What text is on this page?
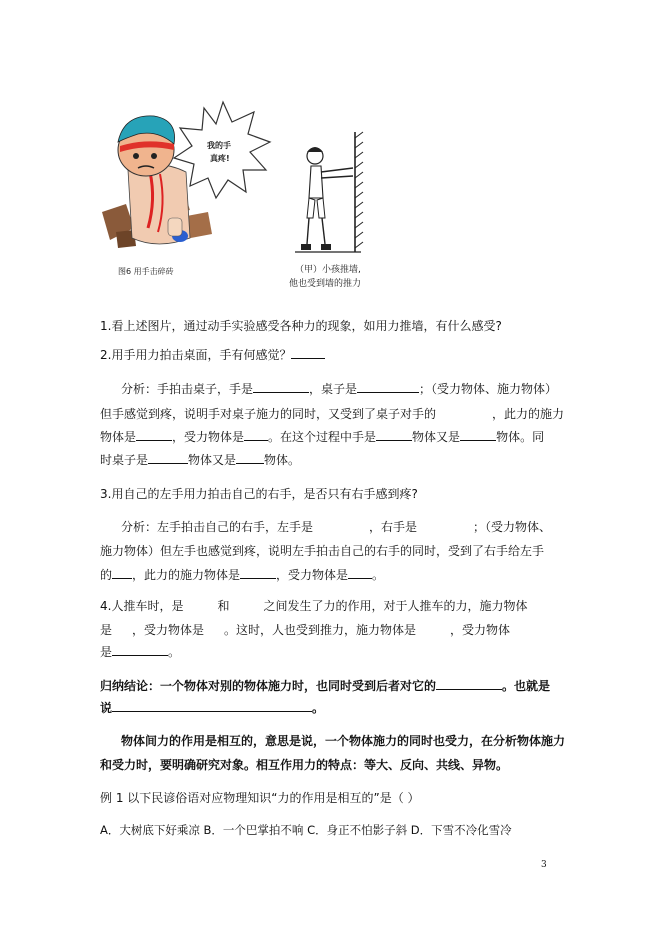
我的手
真疼!
图6 用手击碎砖	（甲）小孩推墙,
他也受到墙的推力
1.看上述图片，通过动手实验感受各种力的现象，如用力推墙，有什么感受?
2.用手用力拍击桌面，手有何感觉？
分析：手拍击桌子，手是	，桌子是	；（受力物体、施力物体）
但手感觉到疼，说明手对桌子施力的同时，又受到了桌子对手的	，此力的施力
物体是	，受力物体是 。在这个过程中手是	物体又是	物体。同
时桌子是	物体又是 物体。
3.用自己的左手用力拍击自己的右手，是否只有右手感到疼?
分析：左手拍击自己的右手，左手是	，右手是	；（受力物体、
施力物体）但左手也感觉到疼，说明左手拍击自己的右手的同时，受到了右手给左手
的 ，此力的施力物体是	，受力物体是 。
4.人推车时，是	和	之间发生了力的作用，对于人推车的力，施力物体
是 ，受力物体是 。这时，人也受到推力，施力物体是	，受力物体
是	。
归纳结论：一个物体对别的物体施力时，也同时受到后者对它的	。也就是
说	。
物体间力的作用是相互的，意思是说，一个物体施力的同时也受力，在分析物体施力
和受力时，要明确研究对象。相互作用力的特点：等大、反向、共线、异物。
例 1 以下民谚俗语对应物理知识“力的作用是相互的”是（ ）
A．大树底下好乘凉 B．一个巴掌拍不响 C．身正不怕影子斜 D．下雪不冷化雪冷
3
